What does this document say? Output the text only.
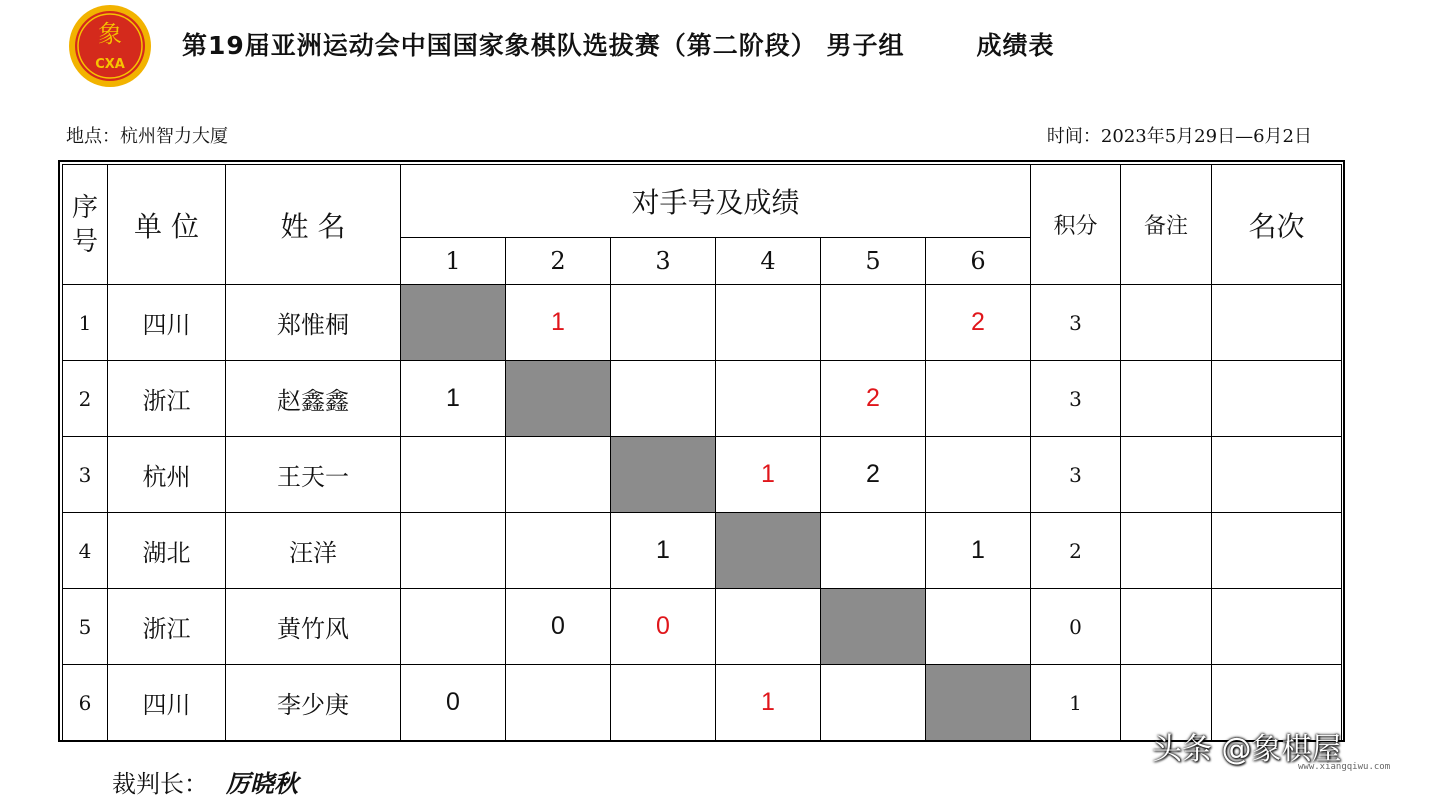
象
CXA
第19届亚洲运动会中国国家象棋队选拔赛（第二阶段） 男子组	成绩表
地点：杭州智力大厦	时间：2023年5月29日—6月2日
序号	单 位	姓 名	对手号及成绩						积分	备注	名次
			1	2	3	4	5	6			
1	四川	郑惟桐		1				2	3		
2	浙江	赵鑫鑫	1				2		3		
3	杭州	王天一				1	2		3		
4	湖北	汪洋			1			1	2		
5	浙江	黄竹风		0	0				0		
6	四川	李少庚	0			1			1		
裁判长： 厉晓秋
头条 @象棋屋
www.xiangqiwu.com
